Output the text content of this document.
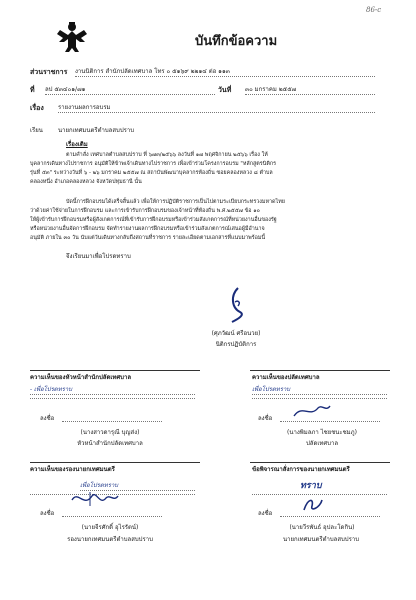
86-c
บันทึกข้อความ
ส่วนราชการ งานนิติการ สำนักปลัดเทศบาล โทร ๐ ๕๑๖๙ ๒๒๑๔ ต่อ ๑๑๓
ที่ ลป ๕๓๔๐๑/๗๑	วันที่ ๓๐ มกราคม ๒๕๕๗
เรื่อง รายงานผลการอบรม
เรียน	นายกเทศมนตรีตำบลสบปราบ
เรื่องเดิม
ตามคำสั่ง เทศบาลตำบลสบปราบ ที่ ๖๗๓/๒๕๖๖ ลงวันที่ ๑๗ พฤศจิกายน ๒๕๖๖ เรื่อง ให้
บุคลากรเดินทางไปราชการ อนุมัติให้ข้าพเจ้าเดินทางไปราชการ เพื่อเข้าร่วมโครงการอบรม "หลักสูตรนิติกร
รุ่นที่ ๕๓" ระหว่างวันที่ ๖ - ๒๖ มกราคม ๒๕๕๗ ณ สถาบันพัฒนาบุคลากรท้องถิ่น ซอยคลองหลวง ๘ ตำบล
คลองหนึ่ง อำเภอคลองหลวง จังหวัดปทุมธานี นั้น
บัดนี้การฝึกอบรมได้เสร็จสิ้นแล้ว เพื่อให้การปฏิบัติราชการเป็นไปตามระเบียบกระทรวงมหาดไทย
ว่าด้วยค่าใช้จ่ายในการฝึกอบรม และการเข้ารับการฝึกอบรมของเจ้าหน้าที่ท้องถิ่น พ.ศ.๒๕๕๗ ข้อ ๑๐
ให้ผู้เข้ารับการฝึกอบรมหรือผู้สังเกตการณ์ที่เข้ารับการฝึกอบรมหรือเข้าร่วมสังเกตการณ์ที่หน่วยงานอื่นของรัฐ
หรือหน่วยงานอื่นจัดการฝึกอบรม จัดทำรายงานผลการฝึกอบรมหรือเข้าร่วมสังเกตการณ์เสนอผู้มีอำนาจ
อนุมัติ ภายใน ๓๐ วัน นับแต่วันเดินทางกลับถึงสถานที่ราชการ รายละเอียดตามเอกสารที่แนบมาพร้อมนี้
จึงเรียนมาเพื่อโปรดทราบ
(ศุภวัฒน์ ศรีอนวย)
นิติกรปฏิบัติการ
ความเห็นของหัวหน้าสำนักปลัดเทศบาล
- เพื่อโปรดทราบ
ลงชื่อ
(นางสาวดารุณี บุญส่ง)
หัวหน้าสำนักปลัดเทศบาล
ความเห็นของปลัดเทศบาล
เพื่อโปรดทราบ
ลงชื่อ
(นางพิมลภา ไชยชนะชมภู)
ปลัดเทศบาล
ความเห็นของรองนายกเทศมนตรี
เพื่อโปรดทราบ
ลงชื่อ
(นายจีรศักดิ์ อุไรรัตน์)
รองนายกเทศมนตรีตำบลสบปราบ
ข้อพิจารณาสั่งการของนายกเทศมนตรี
ทราบ
ลงชื่อ
(นายวีรพันธ์ อุปละโดกิน)
นายกเทศมนตรีตำบลสบปราบ
